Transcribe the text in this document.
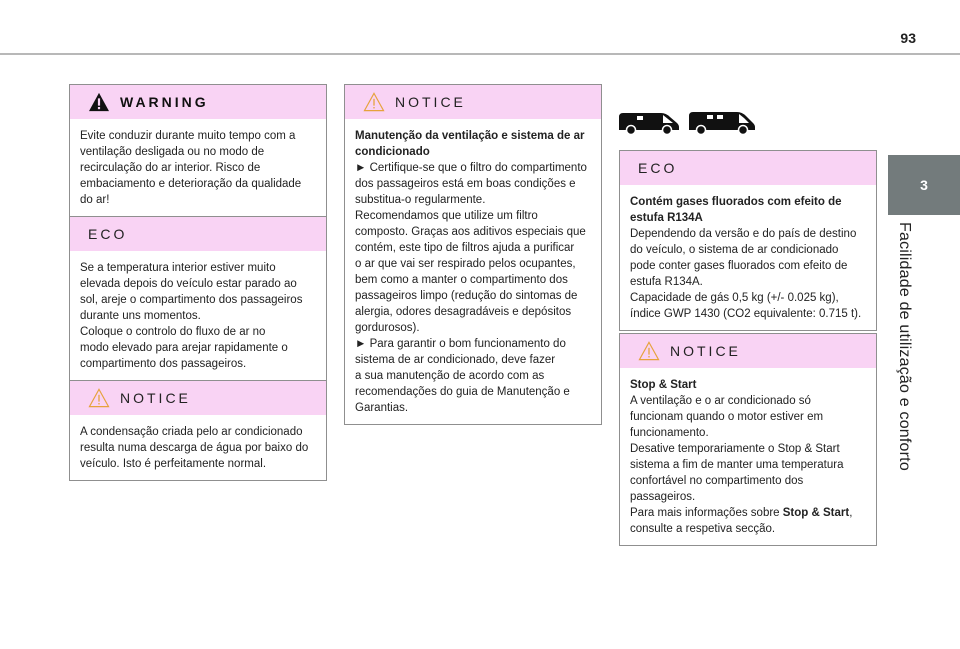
93
3
Facilidade de utilização e conforto
WARNING

Evite conduzir durante muito tempo com a

ventilação desligada ou no modo de

recirculação do ar interior. Risco de

embaciamento e deterioração da qualidade

do ar!

ECO

Se a temperatura interior estiver muito

elevada depois do veículo estar parado ao

sol, areje o compartimento dos passageiros

durante uns momentos.

Coloque o controlo do fluxo de ar no

modo elevado para arejar rapidamente o

compartimento dos passageiros.

NOTICE

A condensação criada pelo ar condicionado

resulta numa descarga de água por baixo do

veículo. Isto é perfeitamente normal.

NOTICE

Manutenção da ventilação e sistema de ar

condicionado

► Certifique-se que o filtro do compartimento

dos passageiros está em boas condições e

substitua-o regularmente.

Recomendamos que utilize um filtro

composto. Graças aos aditivos especiais que

contém, este tipo de filtros ajuda a purificar

o ar que vai ser respirado pelos ocupantes,

bem como a manter o compartimento dos

passageiros limpo (redução do sintomas de

alergia, odores desagradáveis e depósitos

gordurosos).

► Para garantir o bom funcionamento do

sistema de ar condicionado, deve fazer

a sua manutenção de acordo com as

recomendações do guia de Manutenção e

Garantias.

ECO

Contém gases fluorados com efeito de

estufa R134A

Dependendo da versão e do país de destino

do veículo, o sistema de ar condicionado

pode conter gases fluorados com efeito de

estufa R134A.

Capacidade de gás 0,5 kg (+/- 0.025 kg),

índice GWP 1430 (CO2 equivalente: 0.715 t).

NOTICE

Stop & Start

A ventilação e o ar condicionado só

funcionam quando o motor estiver em

funcionamento.

Desative temporariamente o Stop & Start

sistema a fim de manter uma temperatura

confortável no compartimento dos

passageiros.

Para mais informações sobre Stop & Start,

consulte a respetiva secção.
